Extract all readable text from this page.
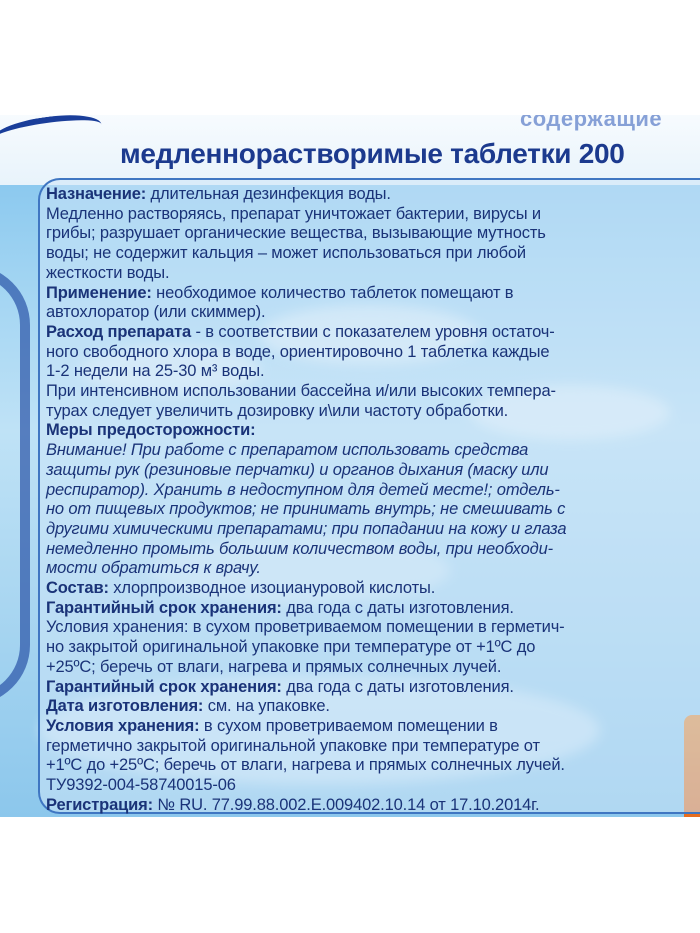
содержащие
медленнорастворимые таблетки 200
Назначение: длительная дезинфекция воды.
Медленно растворяясь, препарат уничтожает бактерии, вирусы и
грибы; разрушает органические вещества, вызывающие мутность
воды; не содержит кальция – может использоваться при любой
жесткости воды.
Применение: необходимое количество таблеток помещают в
автохлоратор (или скиммер).
Расход препарата - в соответствии с показателем уровня остаточ-
ного свободного хлора в воде, ориентировочно 1 таблетка каждые
1-2 недели на 25-30 м³ воды.
При интенсивном использовании бассейна и/или высоких темпера-
турах следует увеличить дозировку и\или частоту обработки.
Меры предосторожности:
Внимание! При работе с препаратом использовать средства
защиты рук (резиновые перчатки) и органов дыхания (маску или
респиратор). Хранить в недоступном для детей месте!; отдель-
но от пищевых продуктов; не принимать внутрь; не смешивать с
другими химическими препаратами; при попадании на кожу и глаза
немедленно промыть большим количеством воды, при необходи-
мости обратиться к врачу.
Состав: хлорпроизводное изоциануровой кислоты.
Гарантийный срок хранения: два года с даты изготовления.
Условия хранения: в сухом проветриваемом помещении в герметич-
но закрытой оригинальной упаковке при температуре от +1ºС до
+25ºС; беречь от влаги, нагрева и прямых солнечных лучей.
Гарантийный срок хранения: два года с даты изготовления.
Дата изготовления: см. на упаковке.
Условия хранения: в сухом проветриваемом помещении в
герметично закрытой оригинальной упаковке при температуре от
+1ºС до +25ºС; беречь от влаги, нагрева и прямых солнечных лучей.
ТУ9392-004-58740015-06
Регистрация: № RU. 77.99.88.002.Е.009402.10.14 от 17.10.2014г.
